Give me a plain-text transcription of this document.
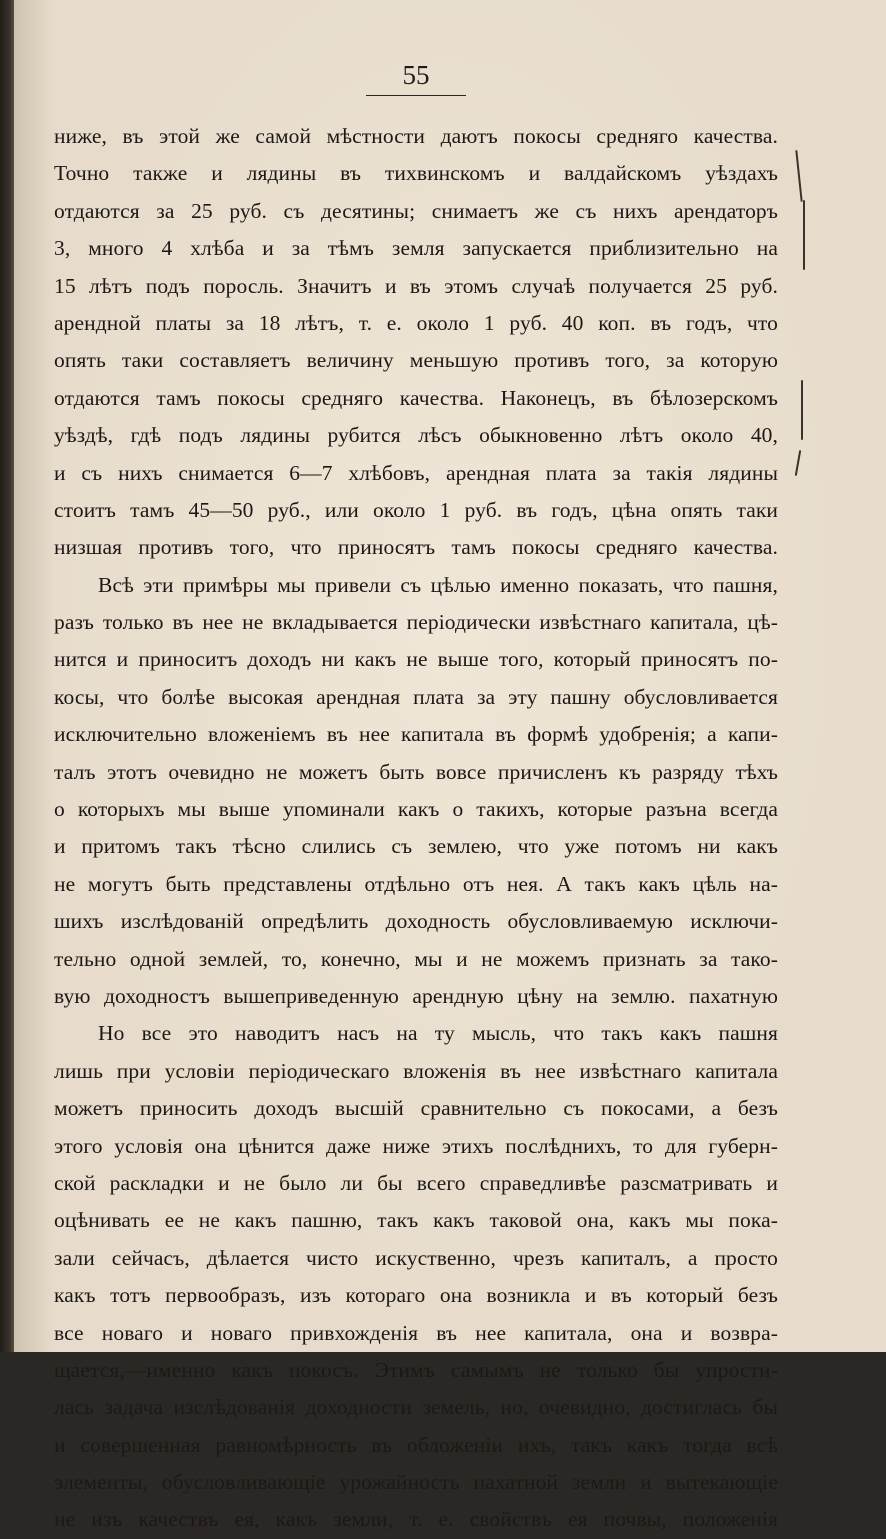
55
ниже, въ этой же самой мѣстности даютъ покосы средняго качества.
Точно также и лядины въ тихвинскомъ и валдайскомъ уѣздахъ
отдаются за 25 руб. съ десятины; снимаетъ же съ нихъ арендаторъ
3, много 4 хлѣба и за тѣмъ земля запускается приблизительно на
15 лѣтъ подъ поросль. Значитъ и въ этомъ случаѣ получается 25 руб.
арендной платы за 18 лѣтъ, т. е. около 1 руб. 40 коп. въ годъ, что
опять таки составляетъ величину меньшую противъ того, за которую
отдаются тамъ покосы средняго качества. Наконецъ, въ бѣлозерскомъ
уѣздѣ, гдѣ подъ лядины рубится лѣсъ обыкновенно лѣтъ около 40,
и съ нихъ снимается 6—7 хлѣбовъ, арендная плата за такія лядины
стоитъ тамъ 45—50 руб., или около 1 руб. въ годъ, цѣна опять таки
низшая противъ того, что приносятъ тамъ покосы средняго качества.
Всѣ эти примѣры мы привели съ цѣлью именно показать, что пашня,
разъ только въ нее не вкладывается періодически извѣстнаго капитала, цѣ-
нится и приноситъ доходъ ни какъ не выше того, который приносятъ по-
косы, что болѣе высокая арендная плата за эту пашну обусловливается
исключительно вложеніемъ въ нее капитала въ формѣ удобренія; а капи-
талъ этотъ очевидно не можетъ быть вовсе причисленъ къ разряду тѣхъ
о которыхъ мы выше упоминали какъ о такихъ, которые разъна всегда
и притомъ такъ тѣсно слились съ землею, что уже потомъ ни какъ
не могутъ быть представлены отдѣльно отъ нея. А такъ какъ цѣль на-
шихъ изслѣдованій опредѣлить доходность обусловливаемую исключи-
тельно одной землей, то, конечно, мы и не можемъ признать за тако-
вую доходностъ вышеприведенную арендную цѣну на землю. пахатную
Но все это наводитъ насъ на ту мысль, что такъ какъ пашня
лишь при условіи періодическаго вложенія въ нее извѣстнаго капитала
можетъ приносить доходъ высшій сравнительно съ покосами, а безъ
этого условія она цѣнится даже ниже этихъ послѣднихъ, то для губерн-
ской раскладки и не было ли бы всего справедливѣе разсматривать и
оцѣнивать ее не какъ пашню, такъ какъ таковой она, какъ мы пока-
зали сейчасъ, дѣлается чисто искуственно, чрезъ капиталъ, а просто
какъ тотъ первообразъ, изъ котораго она возникла и въ который безъ
все новаго и новаго привхожденія въ нее капитала, она и возвра-
щается,—именно какъ покосъ. Этимъ самымъ не только бы упрости-
лась задача изслѣдованія доходности земель, но, очевидно, достиглась бы
и совершенная равномѣрность въ обложеніи ихъ, такъ какъ тогда всѣ
элементы, обусловливающіе урожайность пахатной земли и вытекающіе
не изъ качествъ ея, какъ земли, т. е. свойствъ ея почвы, положенія
